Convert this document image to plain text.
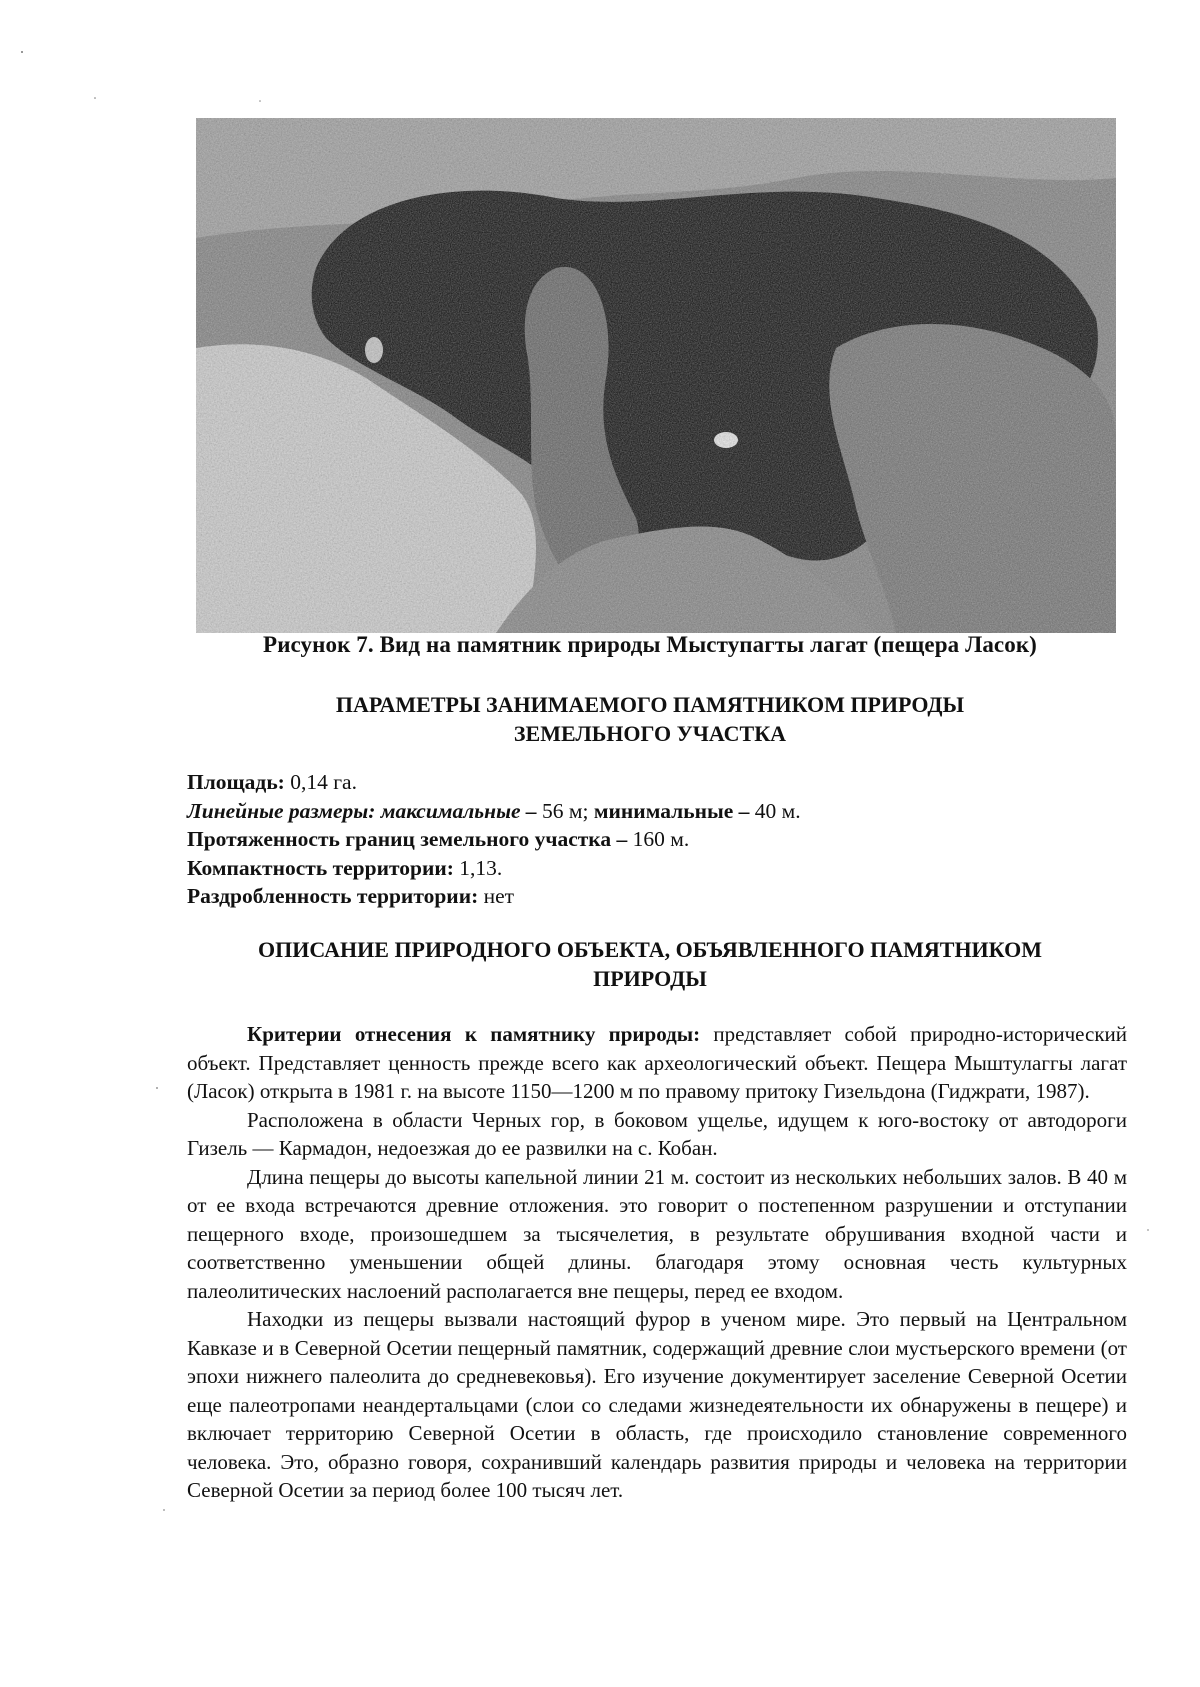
Рисунок 7. Вид на памятник природы Мыступагты лагат (пещера Ласок)
ПАРАМЕТРЫ ЗАНИМАЕМОГО ПАМЯТНИКОМ ПРИРОДЫ
ЗЕМЕЛЬНОГО УЧАСТКА
Площадь: 0,14 га.
Линейные размеры: максимальные – 56 м; минимальные – 40 м.
Протяженность границ земельного участка – 160 м.
Компактность территории: 1,13.
Раздробленность территории: нет
ОПИСАНИЕ ПРИРОДНОГО ОБЪЕКТА, ОБЪЯВЛЕННОГО ПАМЯТНИКОМ
ПРИРОДЫ

Критерии отнесения к памятнику природы: представляет собой природно-исторический объект. Представляет ценность прежде всего как археологический объект. Пещера Мыштулаггы лагат (Ласок) открыта в 1981 г. на высоте 1150—1200 м по правому притоку Гизельдона (Гиджрати, 1987).

Расположена в области Черных гор, в боковом ущелье, идущем к юго-востоку от автодороги Гизель — Кармадон, недоезжая до ее развилки на с. Кобан.

Длина пещеры до высоты капельной линии 21 м. состоит из нескольких небольших залов. В 40 м от ее входа встречаются древние отложения. это говорит о постепенном разрушении и отступании пещерного входе, произошедшем за тысячелетия, в результате обрушивания входной части и соответственно уменьшении общей длины. благодаря этому основная честь культурных палеолитических наслоений располагается вне пещеры, перед ее входом.

Находки из пещеры вызвали настоящий фурор в ученом мире. Это первый на Центральном Кавказе и в Северной Осетии пещерный памятник, содержащий древние слои мустьерского времени (от эпохи нижнего палеолита до средневековья). Его изучение документирует заселение Северной Осетии еще палеотропами неандертальцами (слои со следами жизнедеятельности их обнаружены в пещере) и включает территорию Северной Осетии в область, где происходило становление современного человека. Это, образно говоря, сохранивший календарь развития природы и человека на территории Северной Осетии за период более 100 тысяч лет.
